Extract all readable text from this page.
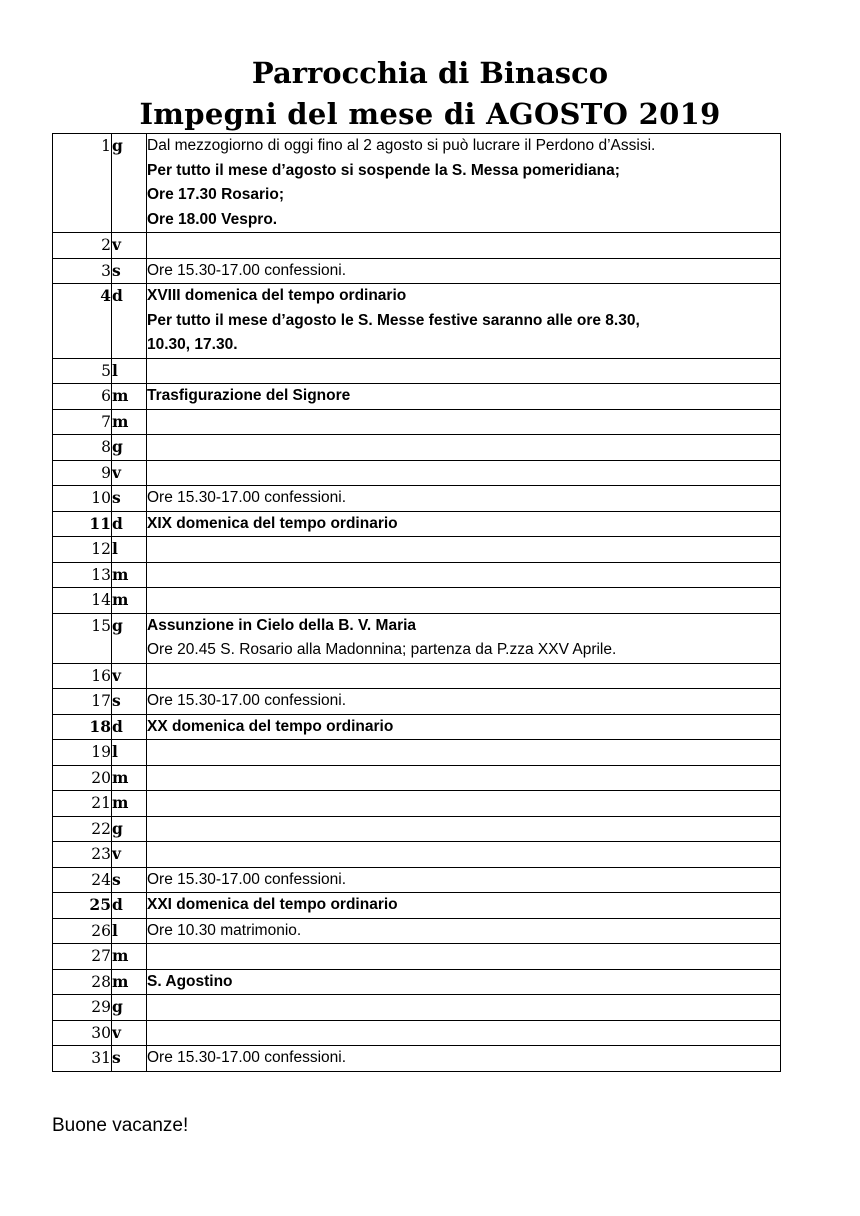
Parrocchia di Binasco
Impegni del mese di AGOSTO 2019
1	g	Dal mezzogiorno di oggi fino al 2 agosto si può lucrare il Perdono d’Assisi.
Per tutto il mese d’agosto si sospende la S. Messa pomeridiana;
Ore 17.30 Rosario;
Ore 18.00 Vespro.

2	v	

3	s	Ore 15.30-17.00 confessioni.

4	d	XVIII domenica del tempo ordinario
Per tutto il mese d’agosto le S. Messe festive saranno alle ore 8.30,
10.30, 17.30.

5	l	

6	m	Trasfigurazione del Signore

7	m	

8	g	

9	v	

10	s	Ore 15.30-17.00 confessioni.

11	d	XIX domenica del tempo ordinario

12	l	

13	m	

14	m	

15	g	Assunzione in Cielo della B. V. Maria
Ore 20.45 S. Rosario alla Madonnina; partenza da P.zza XXV Aprile.

16	v	

17	s	Ore 15.30-17.00 confessioni.

18	d	XX domenica del tempo ordinario

19	l	

20	m	

21	m	

22	g	

23	v	

24	s	Ore 15.30-17.00 confessioni.

25	d	XXI domenica del tempo ordinario

26	l	Ore 10.30 matrimonio.

27	m	

28	m	S. Agostino

29	g	

30	v	

31	s	Ore 15.30-17.00 confessioni.
Buone vacanze!
